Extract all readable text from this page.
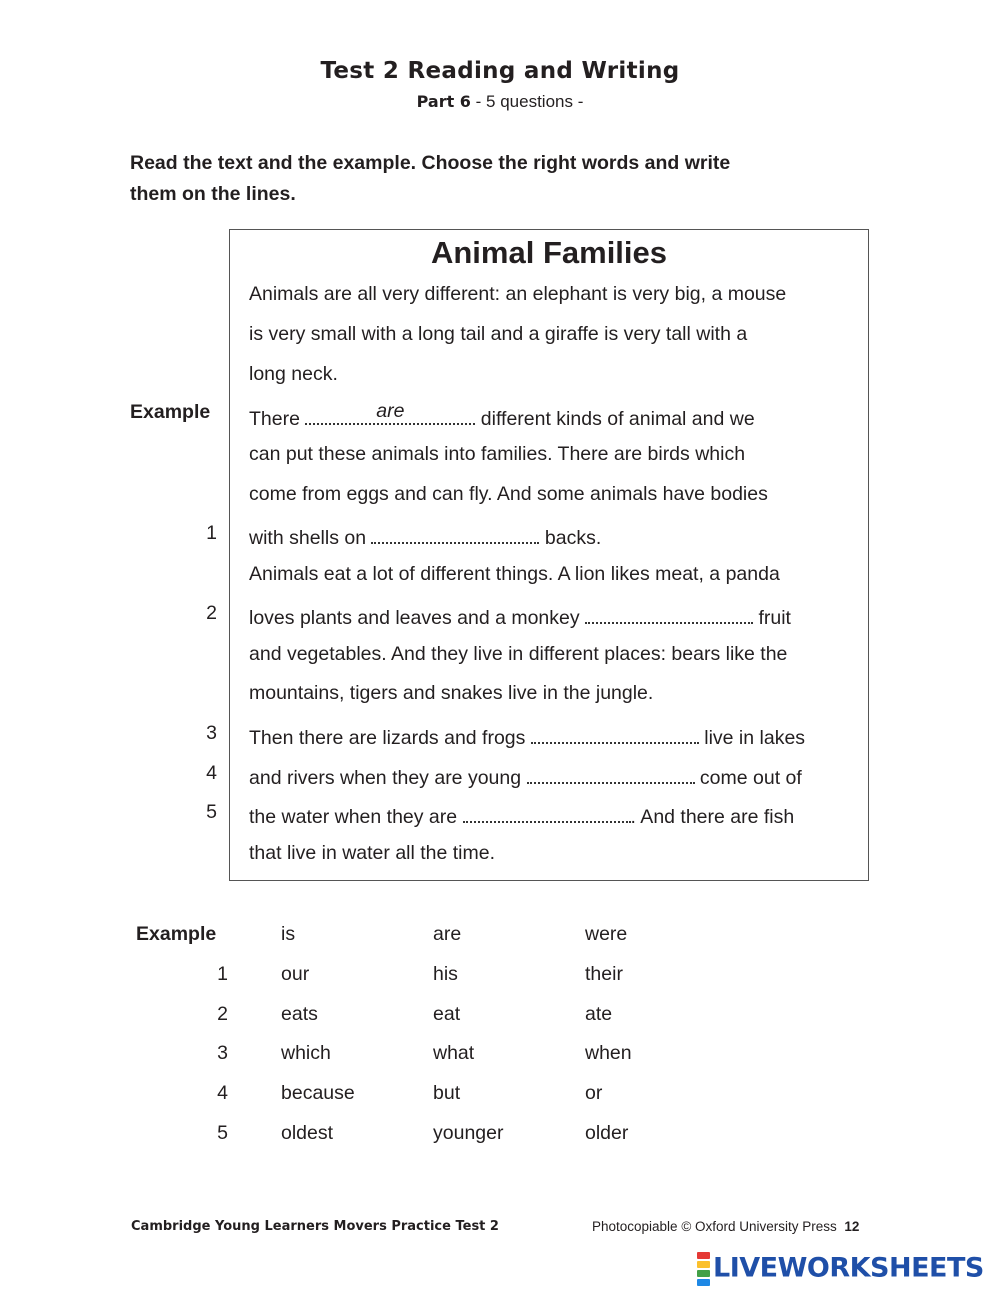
Test 2 Reading and Writing
Part 6 - 5 questions -
Read the text and the example. Choose the right words and write
them on the lines.
Animal Families
Animals are all very different: an elephant is very big, a mouse
is very small with a long tail and a giraffe is very tall with a
long neck.
Example There	are	different kinds of animal and we
can put these animals into families. There are birds which
come from eggs and can fly. And some animals have bodies
1 with shells on	backs.
Animals eat a lot of different things. A lion likes meat, a panda
2 loves plants and leaves and a monkey	fruit
and vegetables. And they live in different places: bears like the
mountains, tigers and snakes live in the jungle.
3 Then there are lizards and frogs	live in lakes
4 and rivers when they are young	come out of
5 the water when they are	. And there are fish
that live in water all the time.
Example	is	are	were
1	our	his	their
2	eats	eat	ate
3	which	what	when
4	because	but	or
5	oldest	younger	older
Cambridge Young Learners Movers Practice Test 2	Photocopiable © Oxford University Press 12
LIVEWORKSHEETS
